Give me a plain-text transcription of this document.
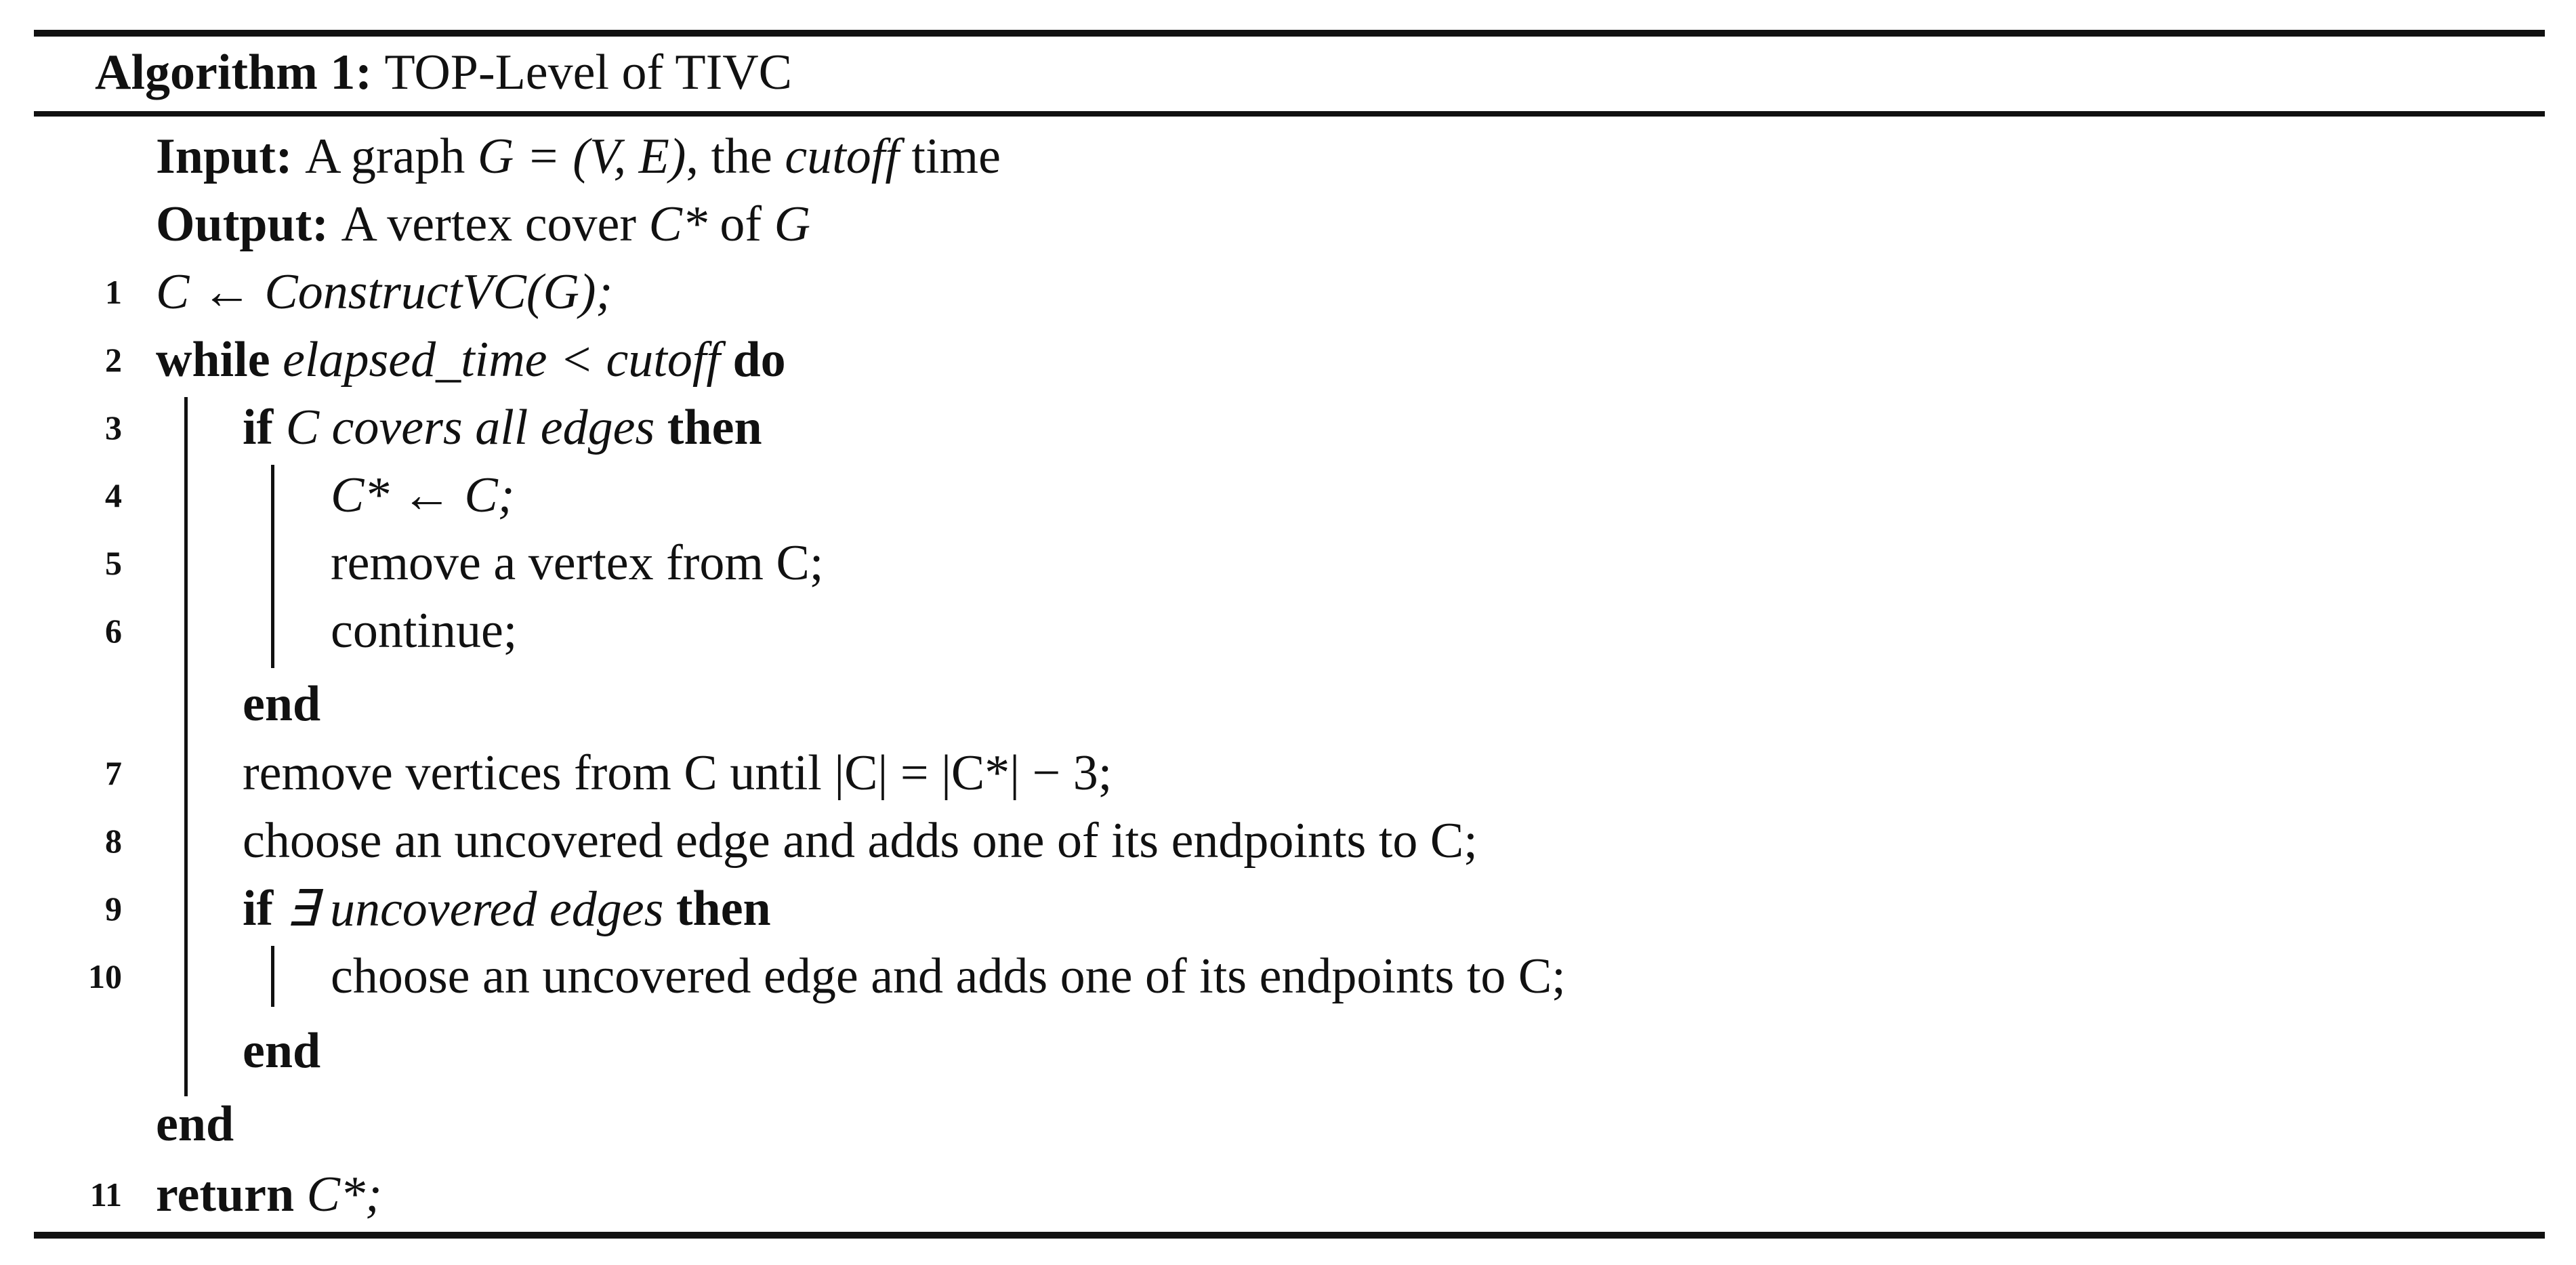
Algorithm 1:
TOP-Level of TIVC
Input:
A graph
G = (V, E) , the
cutoff
time
Output:
A vertex cover
C*
of
G
1 C ← ConstructVC(G);
2 while
elapsed_time < cutoff
do
3 if
C covers all edges
then
4	C* ← C;
5	remove a vertex from C;
6	continue;
end
7 remove vertices from C until |C| = |C*| − 3;
8 choose an uncovered edge and adds one of its endpoints to C;
9 if
∃ uncovered edges
then
10	choose an uncovered edge and adds one of its endpoints to C;
end
end
11 return
C*;
